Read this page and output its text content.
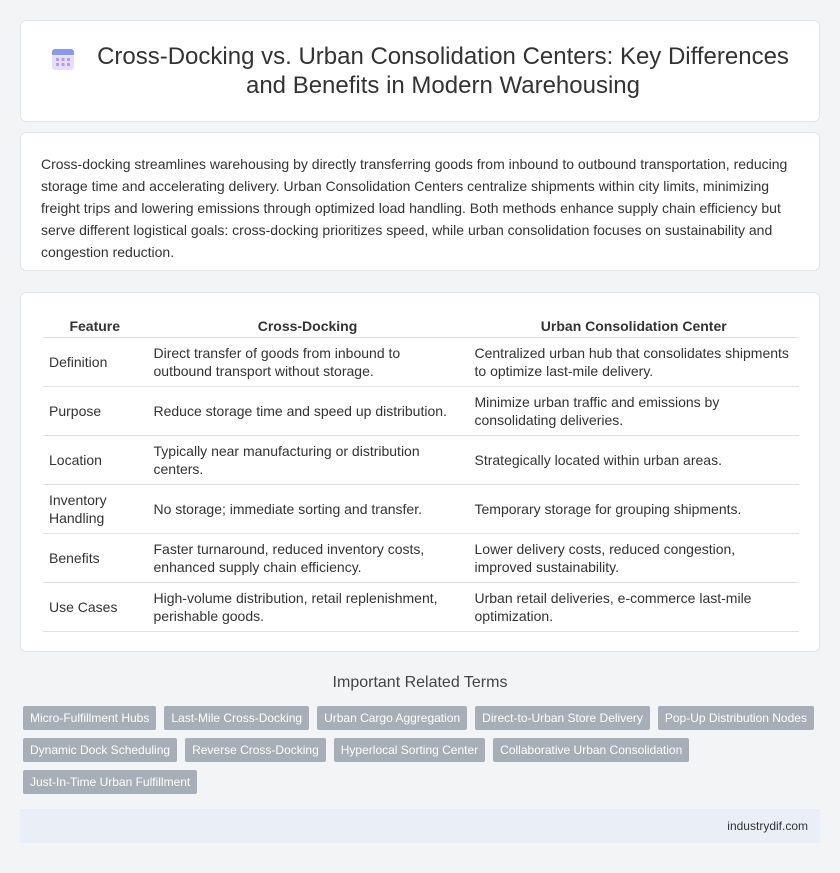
Cross-Docking vs. Urban Consolidation Centers: Key Differences and Benefits in Modern Warehousing

Cross-docking streamlines warehousing by directly transferring goods from inbound to outbound transportation, reducing storage time and accelerating delivery. Urban Consolidation Centers centralize shipments within city limits, minimizing freight trips and lowering emissions through optimized load handling. Both methods enhance supply chain efficiency but serve different logistical goals: cross-docking prioritizes speed, while urban consolidation focuses on sustainability and congestion reduction.

Feature	Cross-Docking	Urban Consolidation Center
Definition	Direct transfer of goods from inbound to outbound transport without storage.	Centralized urban hub that consolidates shipments to optimize last-mile delivery.
Purpose	Reduce storage time and speed up distribution.	Minimize urban traffic and emissions by consolidating deliveries.
Location	Typically near manufacturing or distribution centers.	Strategically located within urban areas.
Inventory Handling	No storage; immediate sorting and transfer.	Temporary storage for grouping shipments.
Benefits	Faster turnaround, reduced inventory costs, enhanced supply chain efficiency.	Lower delivery costs, reduced congestion, improved sustainability.
Use Cases	High-volume distribution, retail replenishment, perishable goods.	Urban retail deliveries, e-commerce last-mile optimization.
Important Related Terms
Micro-Fulfillment Hubs	Last-Mile Cross-Docking	Urban Cargo Aggregation	Direct-to-Urban Store Delivery	Pop-Up Distribution Nodes
Dynamic Dock Scheduling	Reverse Cross-Docking	Hyperlocal Sorting Center	Collaborative Urban Consolidation
Just-In-Time Urban Fulfillment
industrydif.com
